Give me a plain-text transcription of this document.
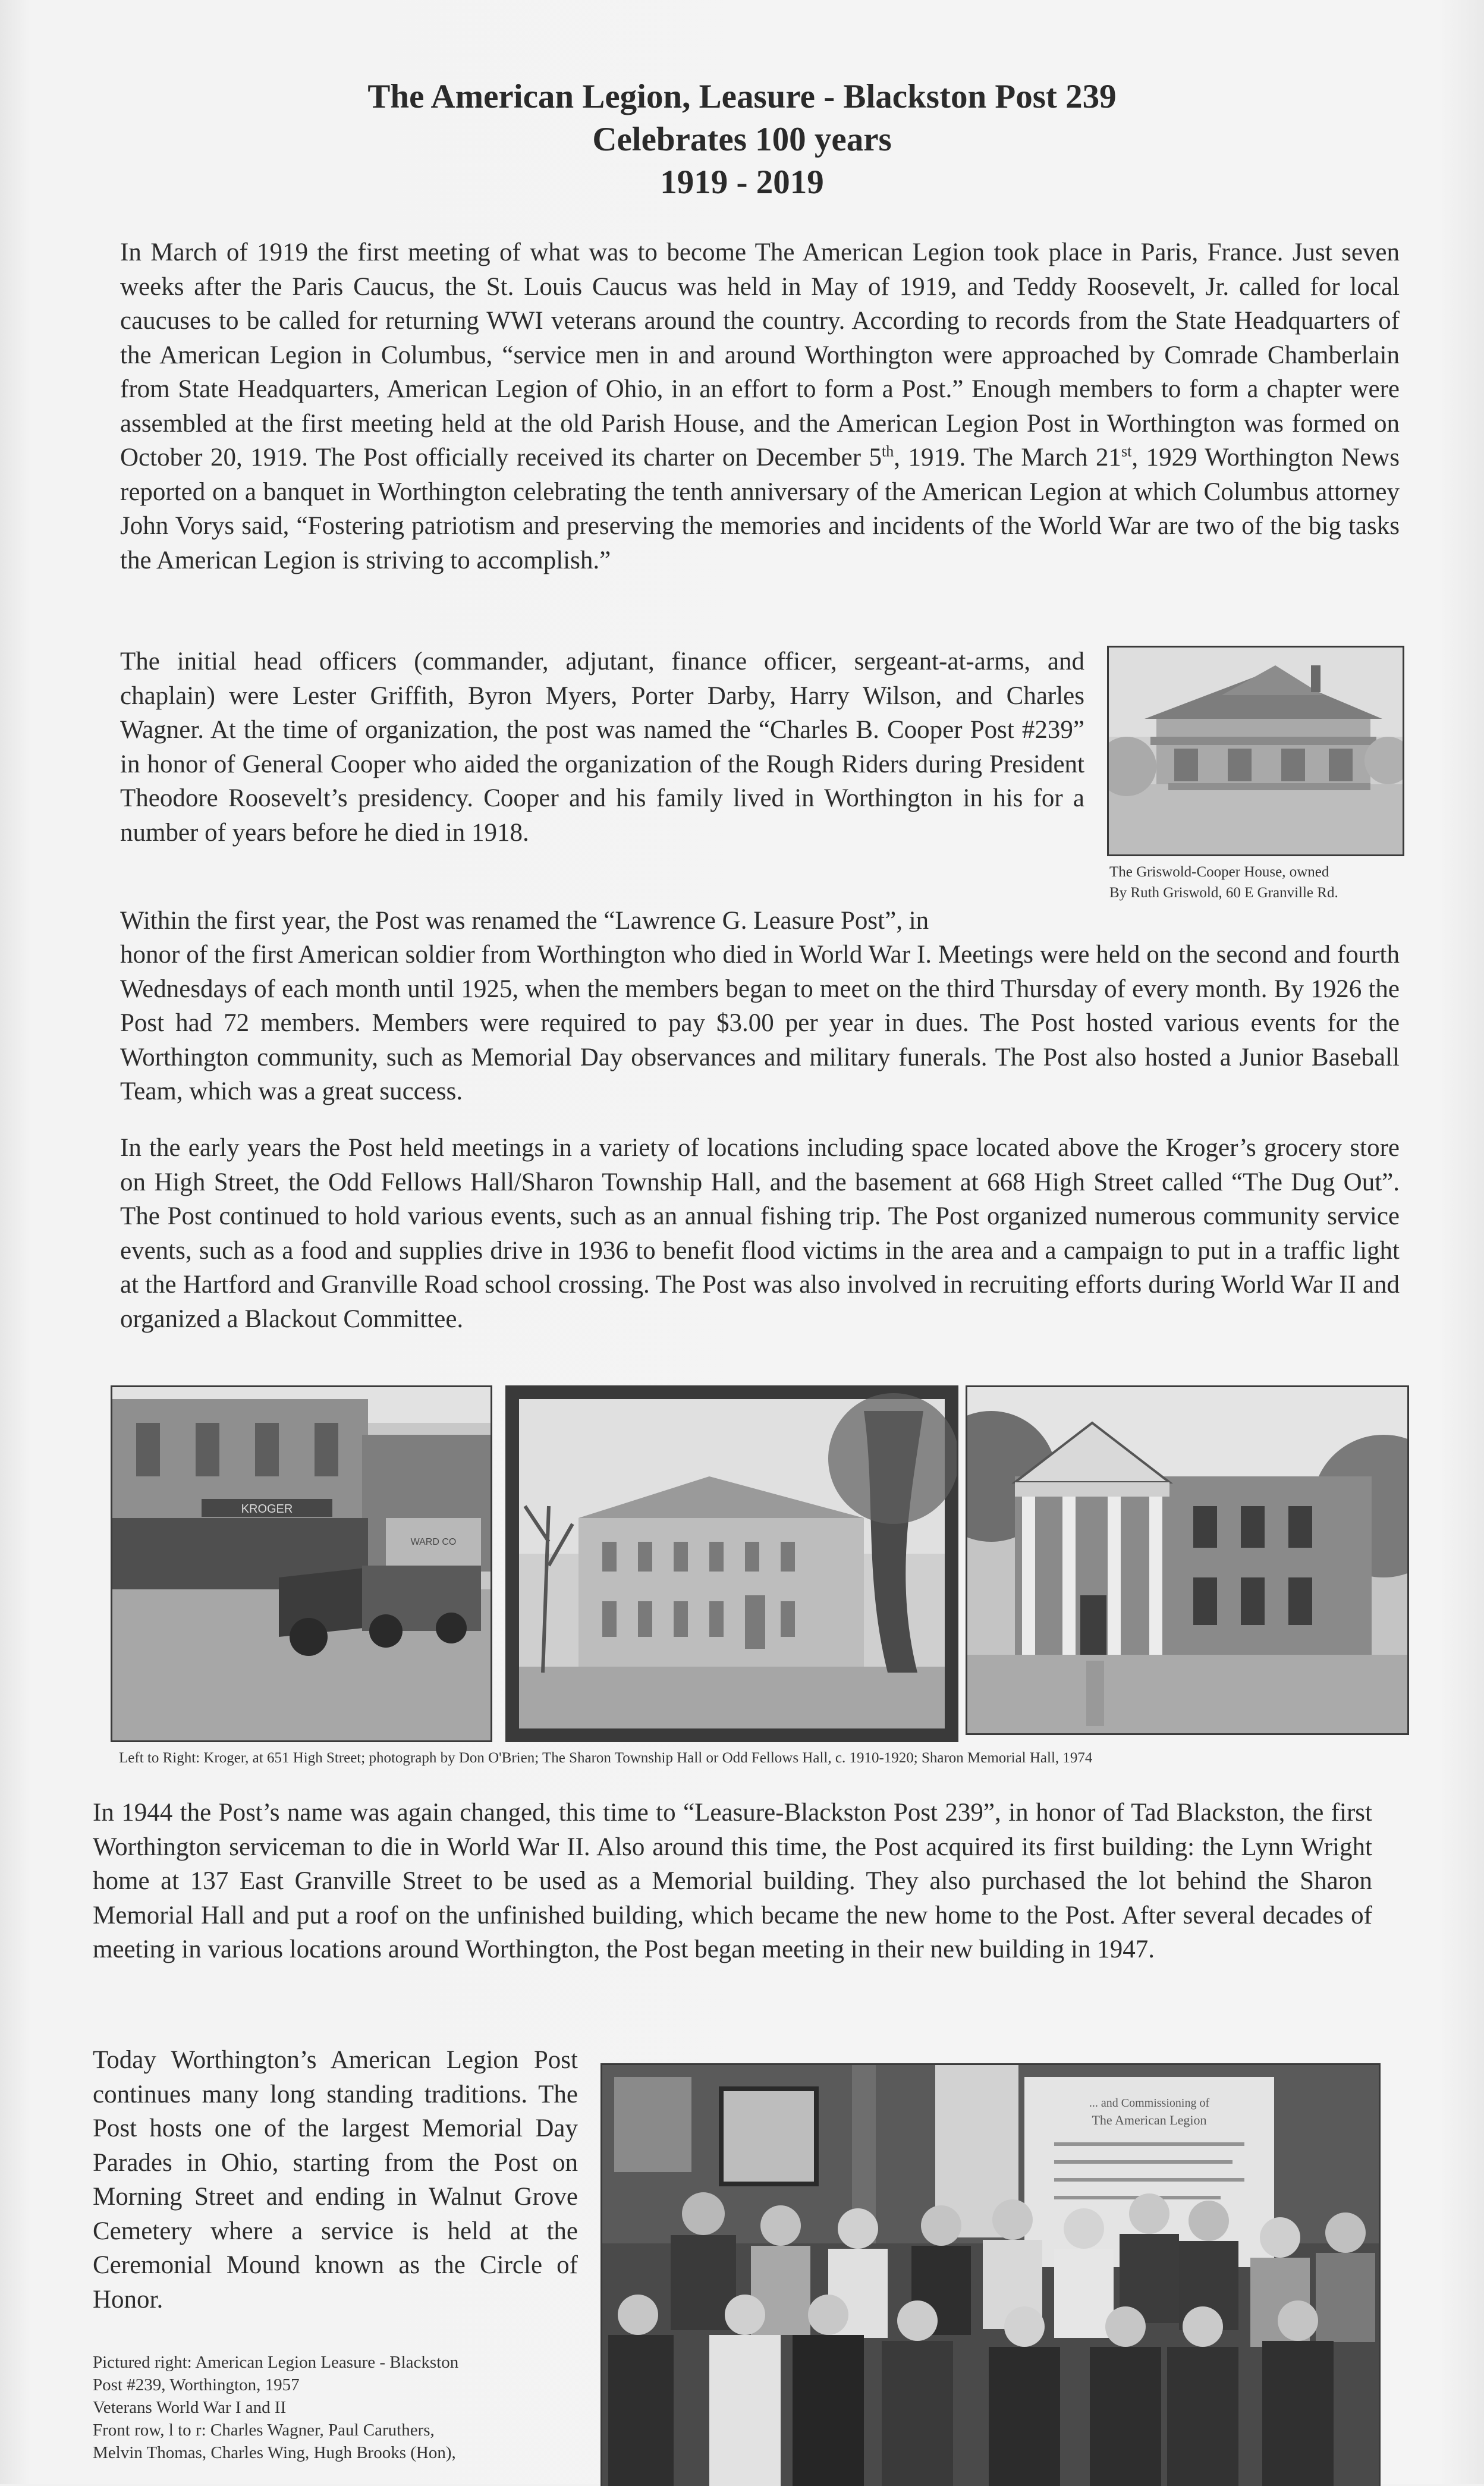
The American Legion, Leasure - Blackston Post 239
Celebrates 100 years
1919 - 2019
In March of 1919 the first meeting of what was to become The American Legion took place in Paris, France. Just seven weeks after the Paris Caucus, the St. Louis Caucus was held in May of 1919, and Teddy Roosevelt, Jr. called for local caucuses to be called for returning WWI veterans around the country. According to records from the State Headquarters of the American Legion in Columbus, “service men in and around Worthington were approached by Comrade Chamberlain from State Headquarters, American Legion of Ohio, in an effort to form a Post.” Enough members to form a chapter were assembled at the first meeting held at the old Parish House, and the American Legion Post in Worthington was formed on October 20, 1919. The Post officially received its charter on December 5th, 1919. The March 21st, 1929 Worthington News reported on a banquet in Worthington celebrating the tenth anniversary of the American Legion at which Columbus attorney John Vorys said, “Fostering patriotism and preserving the memories and incidents of the World War are two of the big tasks the American Legion is striving to accomplish.”
The initial head officers (commander, adjutant, finance officer, sergeant-at-arms, and chaplain) were Lester Griffith, Byron Myers, Porter Darby, Harry Wilson, and Charles Wagner. At the time of organization, the post was named the “Charles B. Cooper Post #239” in honor of General Cooper who aided the organization of the Rough Riders during President Theodore Roosevelt’s presidency. Cooper and his family lived in Worthington in his for a number of years before he died in 1918.
The Griswold-Cooper House, owned
By Ruth Griswold, 60 E Granville Rd.
Within the first year, the Post was renamed the “Lawrence G. Leasure Post”, in
honor of the first American soldier from Worthington who died in World War I. Meetings were held on the second and fourth Wednesdays of each month until 1925, when the members began to meet on the third Thursday of every month. By 1926 the Post had 72 members. Members were required to pay $3.00 per year in dues. The Post hosted various events for the Worthington community, such as Memorial Day observances and military funerals. The Post also hosted a Junior Baseball Team, which was a great success.
In the early years the Post held meetings in a variety of locations including space located above the Kroger’s grocery store on High Street, the Odd Fellows Hall/Sharon Township Hall, and the basement at 668 High Street called “The Dug Out”. The Post continued to hold various events, such as an annual fishing trip. The Post organized numerous community service events, such as a food and supplies drive in 1936 to benefit flood victims in the area and a campaign to put in a traffic light at the Hartford and Granville Road school crossing. The Post was also involved in recruiting efforts during World War II and organized a Blackout Committee.
KROGER
WARD CO
Left to Right: Kroger, at 651 High Street; photograph by Don O'Brien; The Sharon Township Hall or Odd Fellows Hall, c. 1910-1920; Sharon Memorial Hall, 1974
In 1944 the Post’s name was again changed, this time to “Leasure-Blackston Post 239”, in honor of Tad Blackston, the first Worthington serviceman to die in World War II. Also around this time, the Post acquired its first building: the Lynn Wright home at 137 East Granville Street to be used as a Memorial building. They also purchased the lot behind the Sharon Memorial Hall and put a roof on the unfinished building, which became the new home to the Post. After several decades of meeting in various locations around Worthington, the Post began meeting in their new building in 1947.
Today Worthington’s American Legion Post continues many long standing traditions. The Post hosts one of the largest Memorial Day Parades in Ohio, starting from the Post on Morning Street and ending in Walnut Grove Cemetery where a service is held at the Ceremonial Mound known as the Circle of Honor.
Pictured right: American Legion Leasure - Blackston
Post #239, Worthington, 1957
Veterans World War I and II
Front row, l to r: Charles Wagner, Paul Caruthers,
Melvin Thomas, Charles Wing, Hugh Brooks (Hon),
... and Commissioning of
The American Legion
